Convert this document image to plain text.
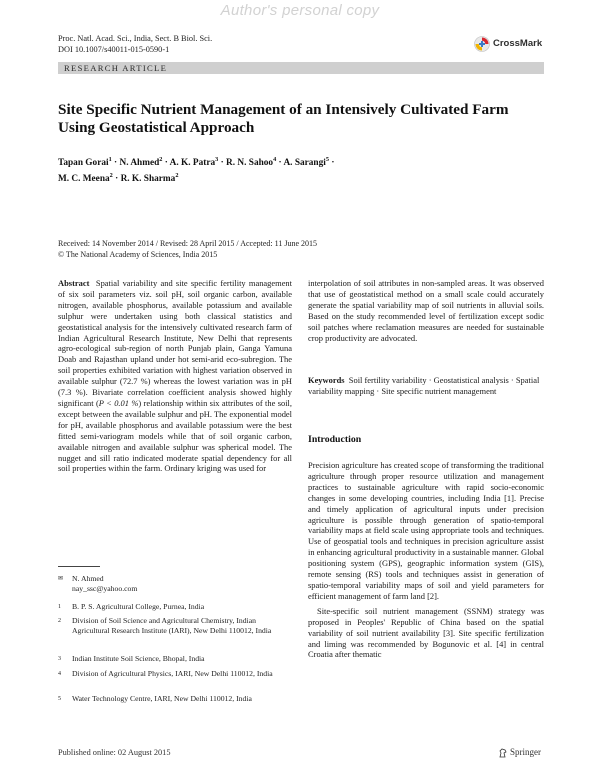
Author's personal copy
Proc. Natl. Acad. Sci., India, Sect. B Biol. Sci.
DOI 10.1007/s40011-015-0590-1
CrossMark
RESEARCH ARTICLE
Site Specific Nutrient Management of an Intensively Cultivated Farm Using Geostatistical Approach
Tapan Gorai$^1$ · N. Ahmed$^2$ · A. K. Patra$^3$ · R. N. Sahoo$^4$ · A. Sarangi$^5$ ·
M. C. Meena$^2$ · R. K. Sharma$^2$
Received: 14 November 2014 / Revised: 28 April 2015 / Accepted: 11 June 2015
© The National Academy of Sciences, India 2015

Abstract Spatial variability and site specific fertility management of six soil parameters viz. soil pH, soil organic carbon, available nitrogen, available phosphorus, available potassium and available sulphur were undertaken using both classical statistics and geostatistical analysis for the intensively cultivated research farm of Indian Agricultural Research Institute, New Delhi that represents agro-ecological sub-region of north Punjab plain, Ganga Yamuna Doab and Rajasthan upland under hot semi-arid eco-subregion. The soil properties exhibited variation with highest variation observed in available sulphur (72.7 %) whereas the lowest variation was in pH (7.3 %). Bivariate correlation coefficient analysis showed highly significant (P < 0.01 %) relationship within six attributes of the soil, except between the available sulphur and pH. The exponential model for pH, available phosphorus and available potassium were the best fitted semi-variogram models while that of soil organic carbon, available nitrogen and available sulphur was spherical model. The nugget and sill ratio indicated moderate spatial dependency for all soil properties within the farm. Ordinary kriging was used for

interpolation of soil attributes in non-sampled areas. It was observed that use of geostatistical method on a small scale could accurately generate the spatial variability map of soil nutrients in alluvial soils. Based on the study recommended level of fertilization except sodic soil patches where reclamation measures are needed for sustainable crop productivity are advocated.

Keywords Soil fertility variability · Geostatistical analysis · Spatial variability mapping · Site specific nutrient management

Introduction

Precision agriculture has created scope of transforming the traditional agriculture through proper resource utilization and management practices to sustainable agriculture with rapid socio-economic changes in some developing countries, including India [1]. Precise and timely application of agricultural inputs under precision agriculture is possible through generation of spatio-temporal variability maps at field scale using appropriate tools and techniques. Use of geospatial tools and techniques in precision agriculture assist in enhancing agricultural productivity in a sustainable manner. Global positioning system (GPS), geographic information system (GIS), remote sensing (RS) tools and techniques assist in generation of spatio-temporal variability maps of soil and yield parameters for efficient management of farm land [2].

Site-specific soil nutrient management (SSNM) strategy was proposed in Peoples' Republic of China based on the spatial variability of soil nutrient availability [3]. Site specific fertilization and liming was recommended by Bogunovic et al. [4] in central Croatia after thematic

✉ N. Ahmed
nay_ssc@yahoo.com
1 B. P. S. Agricultural College, Purnea, India
2 Division of Soil Science and Agricultural Chemistry, Indian Agricultural Research Institute (IARI), New Delhi 110012, India
3 Indian Institute Soil Science, Bhopal, India
4 Division of Agricultural Physics, IARI, New Delhi 110012, India
5 Water Technology Centre, IARI, New Delhi 110012, India
Published online: 02 August 2015	Springer
